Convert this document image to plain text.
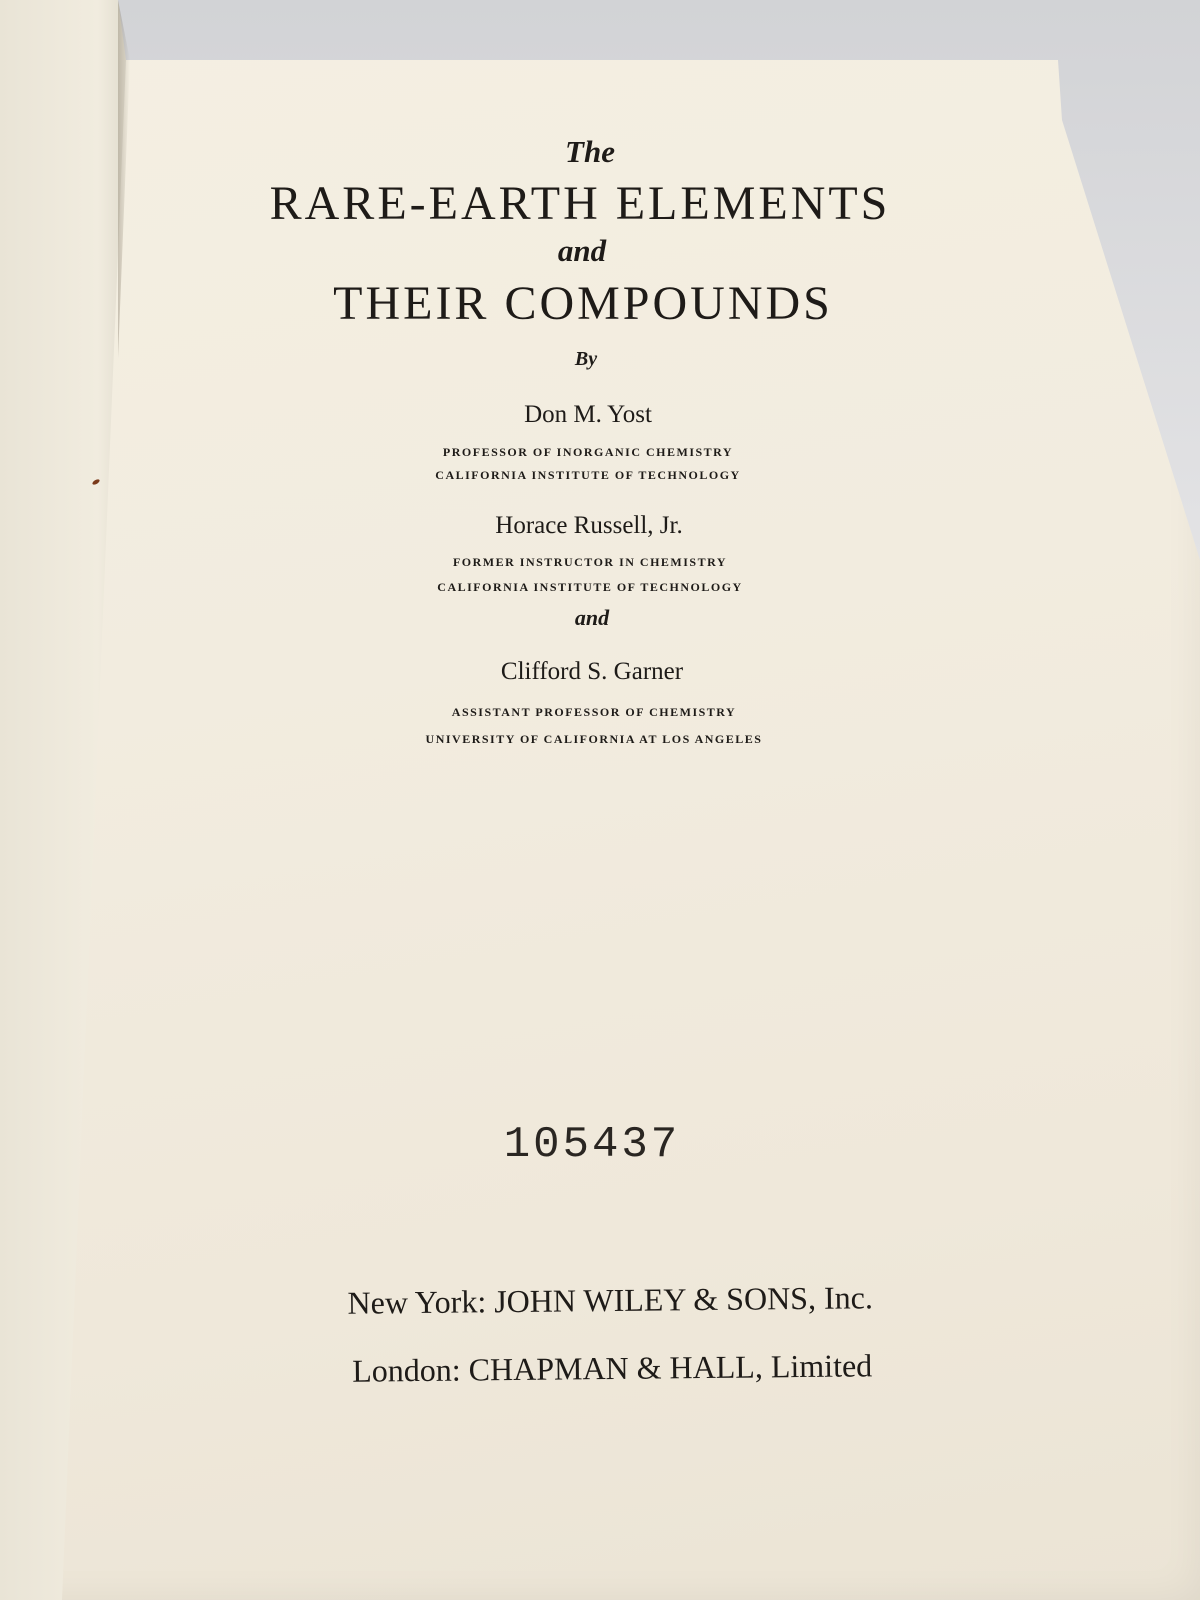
The
RARE-EARTH ELEMENTS
and
THEIR COMPOUNDS
By
Don M. Yost
PROFESSOR OF INORGANIC CHEMISTRY
CALIFORNIA INSTITUTE OF TECHNOLOGY
Horace Russell, Jr.
FORMER INSTRUCTOR IN CHEMISTRY
CALIFORNIA INSTITUTE OF TECHNOLOGY
and
Clifford S. Garner
ASSISTANT PROFESSOR OF CHEMISTRY
UNIVERSITY OF CALIFORNIA AT LOS ANGELES
105437
New York: JOHN WILEY & SONS, Inc.
London: CHAPMAN & HALL, Limited
